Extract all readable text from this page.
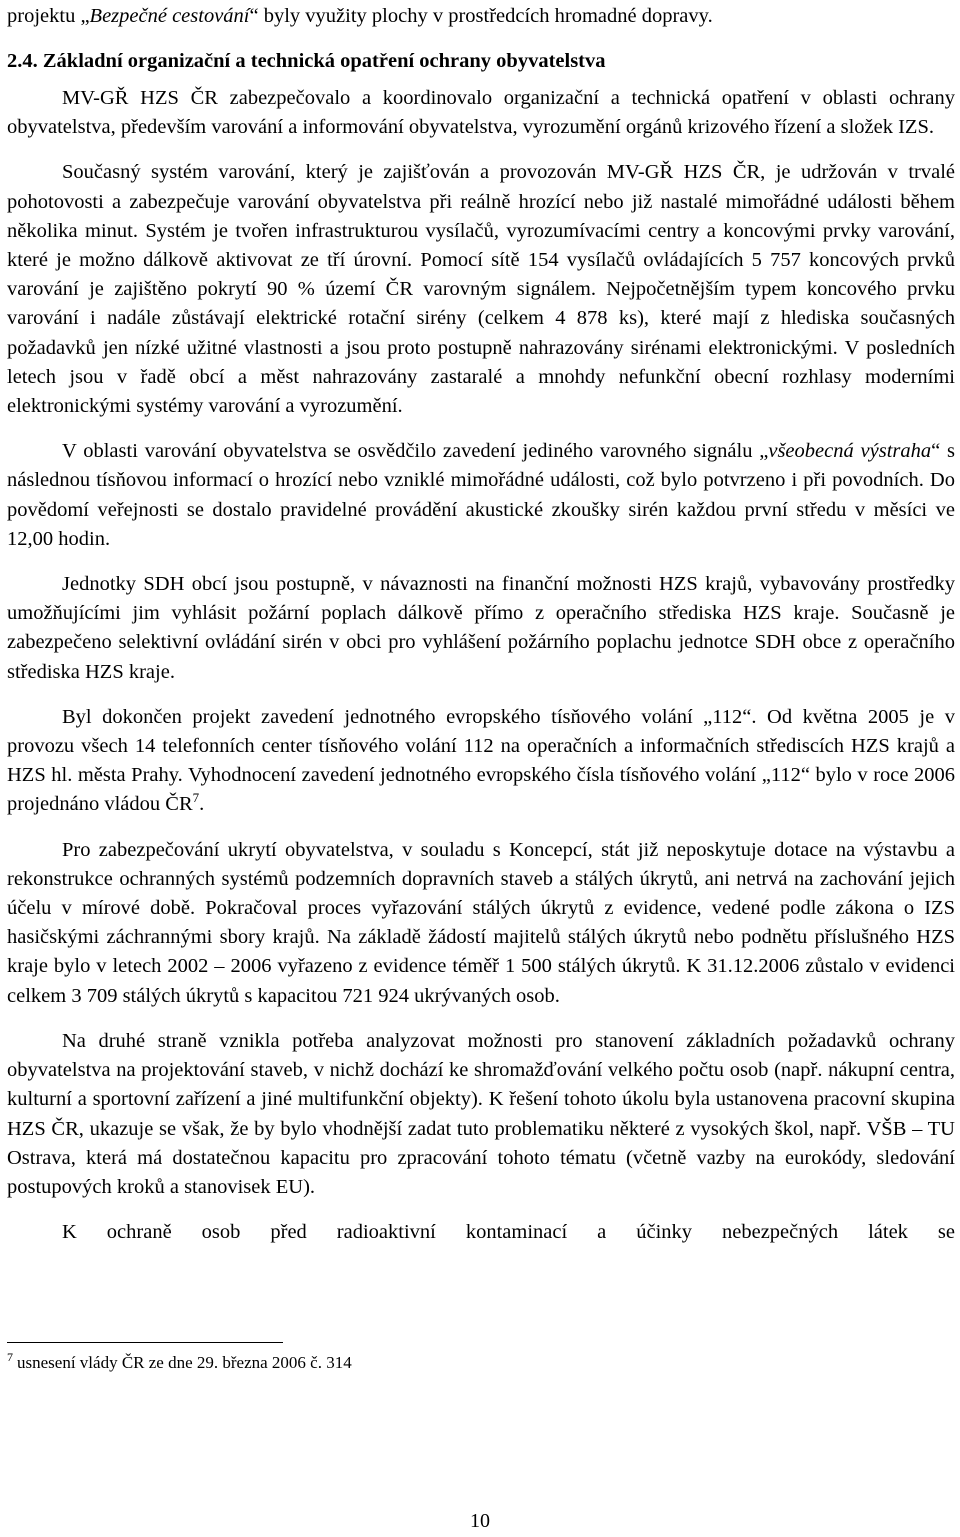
projektu „Bezpečné cestování“ byly využity plochy v prostředcích hromadné dopravy.
2.4. Základní organizační a technická opatření ochrany obyvatelstva

MV-GŘ HZS ČR zabezpečovalo a koordinovalo organizační a technická opatření v oblasti ochrany obyvatelstva, především varování a informování obyvatelstva, vyrozumění orgánů krizového řízení a složek IZS.

Současný systém varování, který je zajišťován a provozován MV-GŘ HZS ČR, je udržován v trvalé pohotovosti a zabezpečuje varování obyvatelstva při reálně hrozící nebo již nastalé mimořádné události během několika minut. Systém je tvořen infrastrukturou vysílačů, vyrozumívacími centry a koncovými prvky varování, které je možno dálkově aktivovat ze tří úrovní. Pomocí sítě 154 vysílačů ovládajících 5 757 koncových prvků varování je zajištěno pokrytí 90 % území ČR varovným signálem. Nejpočetnějším typem koncového prvku varování i nadále zůstávají elektrické rotační sirény (celkem 4 878 ks), které mají z hlediska současných požadavků jen nízké užitné vlastnosti a jsou proto postupně nahrazovány sirénami elektronickými. V posledních letech jsou v řadě obcí a měst nahrazovány zastaralé a mnohdy nefunkční obecní rozhlasy moderními elektronickými systémy varování a vyrozumění.

V oblasti varování obyvatelstva se osvědčilo zavedení jediného varovného signálu „všeobecná výstraha“ s následnou tísňovou informací o hrozící nebo vzniklé mimořádné události, což bylo potvrzeno i při povodních. Do povědomí veřejnosti se dostalo pravidelné provádění akustické zkoušky sirén každou první středu v měsíci ve 12,00 hodin.

Jednotky SDH obcí jsou postupně, v návaznosti na finanční možnosti HZS krajů, vybavovány prostředky umožňujícími jim vyhlásit požární poplach dálkově přímo z operačního střediska HZS kraje. Současně je zabezpečeno selektivní ovládání sirén v obci pro vyhlášení požárního poplachu jednotce SDH obce z operačního střediska HZS kraje.

Byl dokončen projekt zavedení jednotného evropského tísňového volání „112“. Od května 2005 je v provozu všech 14 telefonních center tísňového volání 112 na operačních a informačních střediscích HZS krajů a HZS hl. města Prahy. Vyhodnocení zavedení jednotného evropského čísla tísňového volání „112“ bylo v roce 2006 projednáno vládou $ČR^7$.

Pro zabezpečování ukrytí obyvatelstva, v souladu s Koncepcí, stát již neposkytuje dotace na výstavbu a rekonstrukce ochranných systémů podzemních dopravních staveb a stálých úkrytů, ani netrvá na zachování jejich účelu v mírové době. Pokračoval proces vyřazování stálých úkrytů z evidence, vedené podle zákona o IZS hasičskými záchrannými sbory krajů. Na základě žádostí majitelů stálých úkrytů nebo podnětu příslušného HZS kraje bylo v letech 2002 – 2006 vyřazeno z evidence téměř 1 500 stálých úkrytů. K 31.12.2006 zůstalo v evidenci celkem 3 709 stálých úkrytů s kapacitou 721 924 ukrývaných osob.

Na druhé straně vznikla potřeba analyzovat možnosti pro stanovení základních požadavků ochrany obyvatelstva na projektování staveb, v nichž dochází ke shromažďování velkého počtu osob (např. nákupní centra, kulturní a sportovní zařízení a jiné multifunkční objekty). K řešení tohoto úkolu byla ustanovena pracovní skupina HZS ČR, ukazuje se však, že by bylo vhodnější zadat tuto problematiku některé z vysokých škol, např. VŠB – TU Ostrava, která má dostatečnou kapacitu pro zpracování tohoto tématu (včetně vazby na eurokódy, sledování postupových kroků a stanovisek EU).

K ochraně osob před radioaktivní kontaminací a účinky nebezpečných látek se

$^7$ usnesení vlády ČR ze dne 29. března 2006 č. 314
10
